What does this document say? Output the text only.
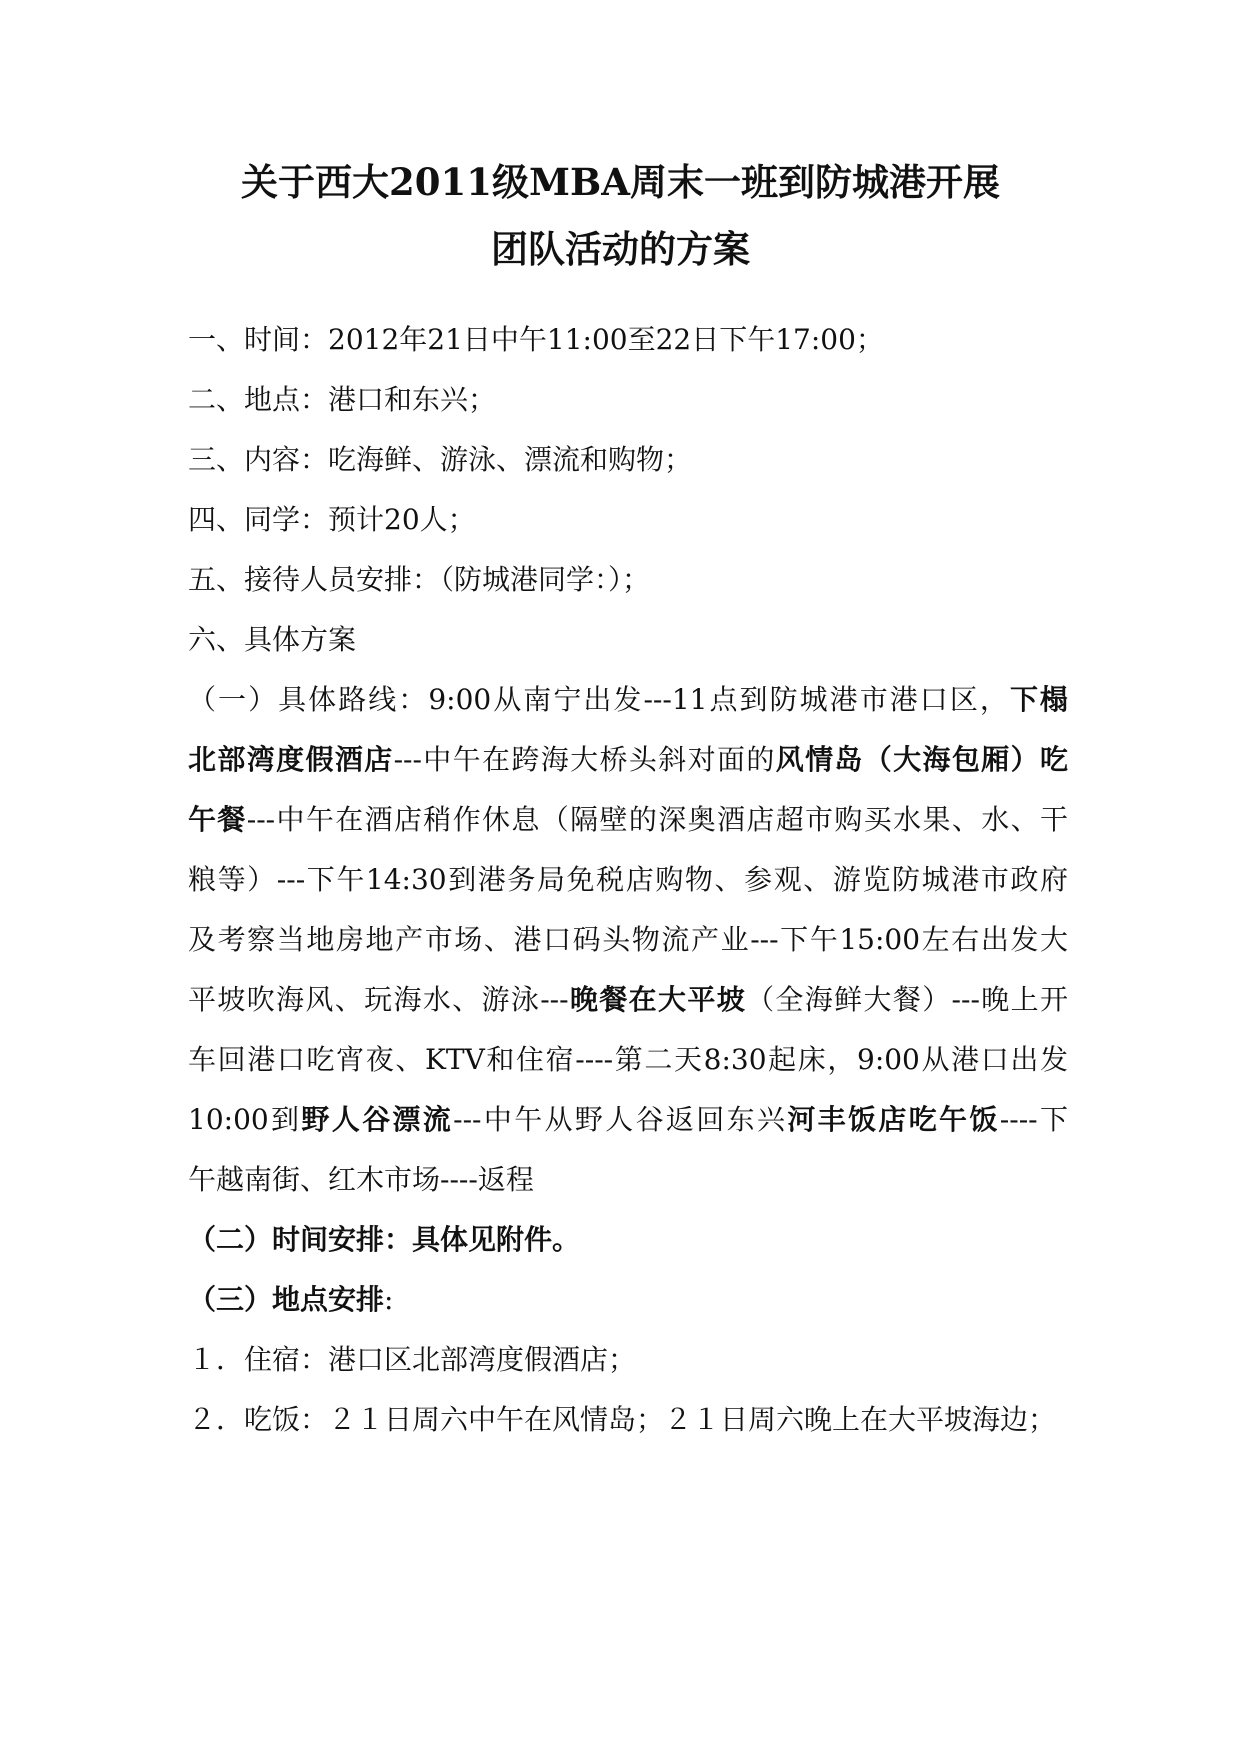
关于西大2011级MBA周末一班到防城港开展
团队活动的方案
一、时间：2012年21日中午11:00至22日下午17:00；
二、地点：港口和东兴；
三、内容：吃海鲜、游泳、漂流和购物；
四、同学：预计20人；
五、接待人员安排：（防城港同学：）；
六、具体方案
（一）具体路线：9:00从南宁出发---11点到防城港市港口区，下榻
北部湾度假酒店---中午在跨海大桥头斜对面的风情岛（大海包厢）吃
午餐---中午在酒店稍作休息（隔壁的深奥酒店超市购买水果、水、干
粮等）---下午14:30到港务局免税店购物、参观、游览防城港市政府
及考察当地房地产市场、港口码头物流产业---下午15:00左右出发大
平坡吹海风、玩海水、游泳---晚餐在大平坡（全海鲜大餐）---晚上开
车回港口吃宵夜、KTV和住宿----第二天8:30起床，9:00从港口出发
10:00到野人谷漂流---中午从野人谷返回东兴河丰饭店吃午饭----下
午越南街、红木市场----返程
（二）时间安排：具体见附件。
（三）地点安排:
１．住宿：港口区北部湾度假酒店；
２．吃饭：２１日周六中午在风情岛；２１日周六晚上在大平坡海边；
